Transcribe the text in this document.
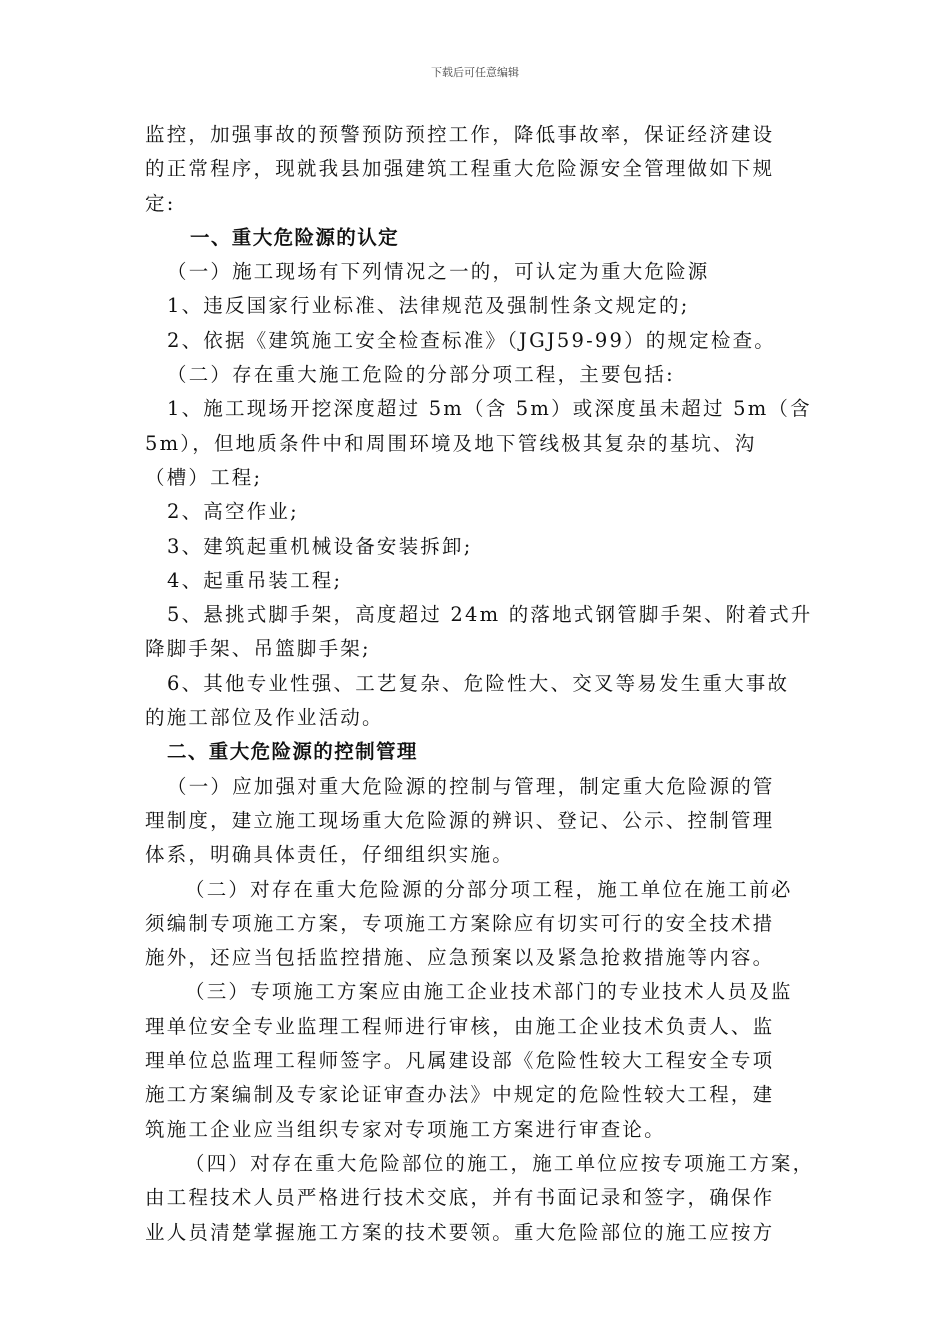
下载后可任意编辑
监控，加强事故的预警预防预控工作，降低事故率，保证经济建设
的正常程序，现就我县加强建筑工程重大危险源安全管理做如下规
定:
一、重大危险源的认定
（一）施工现场有下列情况之一的，可认定为重大危险源
1、违反国家行业标准、法律规范及强制性条文规定的;
2、依据《建筑施工安全检查标准》（JGJ59-99）的规定检查。
（二）存在重大施工危险的分部分项工程，主要包括:
1、施工现场开挖深度超过 5m（含 5m）或深度虽未超过 5m（含
5m），但地质条件中和周围环境及地下管线极其复杂的基坑、沟
（槽）工程;
2、高空作业;
3、建筑起重机械设备安装拆卸;
4、起重吊装工程;
5、悬挑式脚手架，高度超过 24m 的落地式钢管脚手架、附着式升
降脚手架、吊篮脚手架;
6、其他专业性强、工艺复杂、危险性大、交叉等易发生重大事故
的施工部位及作业活动。
二、重大危险源的控制管理
（一）应加强对重大危险源的控制与管理，制定重大危险源的管
理制度，建立施工现场重大危险源的辨识、登记、公示、控制管理
体系，明确具体责任，仔细组织实施。
（二）对存在重大危险源的分部分项工程，施工单位在施工前必
须编制专项施工方案，专项施工方案除应有切实可行的安全技术措
施外，还应当包括监控措施、应急预案以及紧急抢救措施等内容。
（三）专项施工方案应由施工企业技术部门的专业技术人员及监
理单位安全专业监理工程师进行审核，由施工企业技术负责人、监
理单位总监理工程师签字。凡属建设部《危险性较大工程安全专项
施工方案编制及专家论证审查办法》中规定的危险性较大工程，建
筑施工企业应当组织专家对专项施工方案进行审查论。
（四）对存在重大危险部位的施工，施工单位应按专项施工方案，
由工程技术人员严格进行技术交底，并有书面记录和签字，确保作
业人员清楚掌握施工方案的技术要领。重大危险部位的施工应按方
